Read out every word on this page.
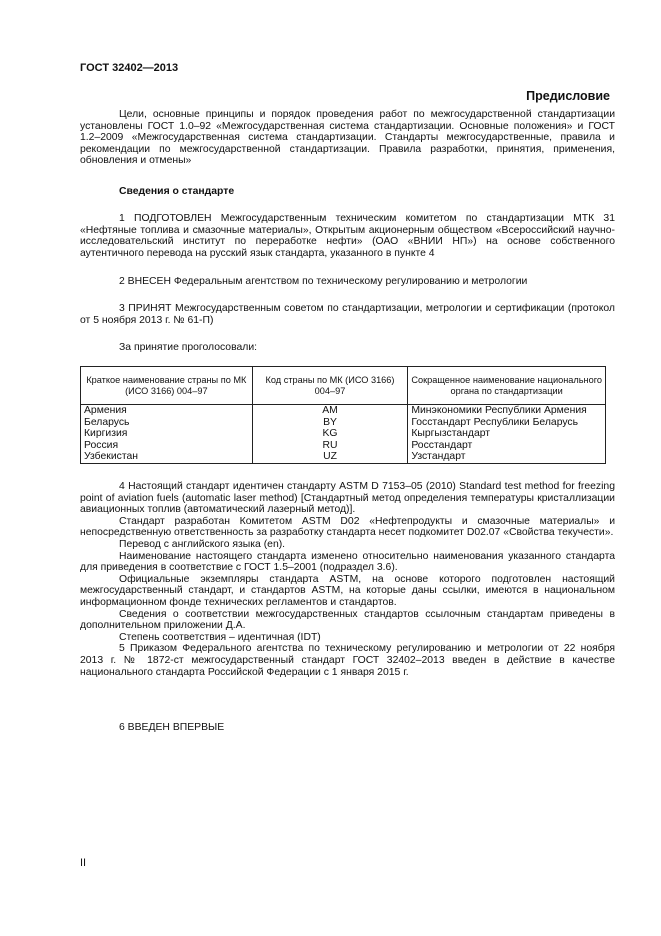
ГОСТ 32402—2013
Предисловие
Цели, основные принципы и порядок проведения работ по межгосударственной стандартизации установлены ГОСТ 1.0–92 «Межгосударственная система стандартизации. Основные положения» и ГОСТ 1.2–2009 «Межгосударственная система стандартизации. Стандарты межгосударственные, правила и рекомендации по межгосударственной стандартизации. Правила разработки, принятия, применения, обновления и отмены»
Сведения о стандарте
1 ПОДГОТОВЛЕН Межгосударственным техническим комитетом по стандартизации МТК 31 «Нефтяные топлива и смазочные материалы», Открытым акционерным обществом «Всероссийский научно-исследовательский институт по переработке нефти» (ОАО «ВНИИ НП») на основе собственного аутентичного перевода на русский язык стандарта, указанного в пункте 4
2 ВНЕСЕН Федеральным агентством по техническому регулированию и метрологии
3 ПРИНЯТ Межгосударственным советом по стандартизации, метрологии и сертификации (протокол от 5 ноября 2013 г. № 61-П)
За принятие проголосовали:
Краткое наименование страны по МК (ИСО 3166) 004–97	Код страны по МК (ИСО 3166) 004–97	Сокращенное наименование национального органа по стандартизации
Армения	AM	Минэкономики Республики Армения
Беларусь	BY	Госстандарт Республики Беларусь
Киргизия	KG	Кыргызстандарт
Россия	RU	Росстандарт
Узбекистан	UZ	Узстандарт
4 Настоящий стандарт идентичен стандарту ASTM D 7153–05 (2010) Standard test method for freezing point of aviation fuels (automatic laser method) [Стандартный метод определения температуры кристаллизации авиационных топлив (автоматический лазерный метод)].
Стандарт разработан Комитетом ASTM D02 «Нефтепродукты и смазочные материалы» и непосредственную ответственность за разработку стандарта несет подкомитет D02.07 «Свойства текучести».
Перевод с английского языка (en).
Наименование настоящего стандарта изменено относительно наименования указанного стандарта для приведения в соответствие с ГОСТ 1.5–2001 (подраздел 3.6).
Официальные экземпляры стандарта ASTM, на основе которого подготовлен настоящий межгосударственный стандарт, и стандартов ASTM, на которые даны ссылки, имеются в национальном информационном фонде технических регламентов и стандартов.
Сведения о соответствии межгосударственных стандартов ссылочным стандартам приведены в дополнительном приложении Д.А.
Степень соответствия – идентичная (IDT)
5 Приказом Федерального агентства по техническому регулированию и метрологии от 22 ноября 2013 г. № 1872-ст межгосударственный стандарт ГОСТ 32402–2013 введен в действие в качестве национального стандарта Российской Федерации с 1 января 2015 г.
6 ВВЕДЕН ВПЕРВЫЕ
II
